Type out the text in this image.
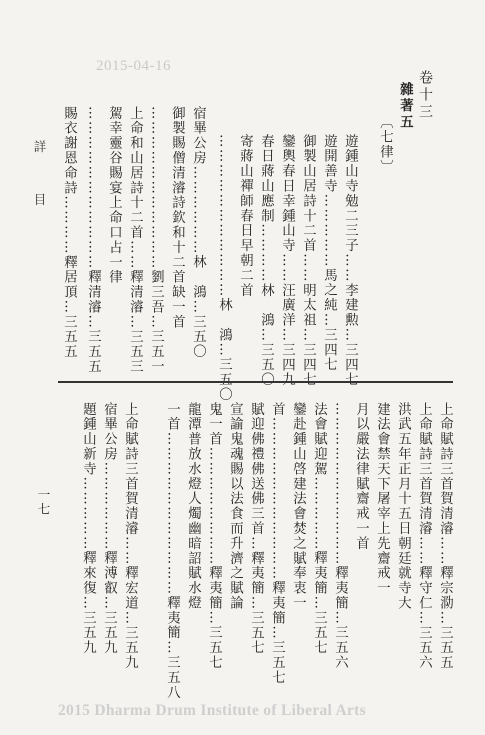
2015-04-16
卷十三
雜著五
〔七律〕
遊鍾山寺勉二三子……李建勲…三四七
遊開善寺……………馬之純…三四七
御製山居詩十二首……明太祖…三四七
鑾輿春日幸鍾山寺……汪廣洋…三四九
春日蔣山應制…………林　鴻…三五〇
寄蔣山禪師春日早朝二首
……………………………林　鴻…三五〇
宿畢公房………………林　鴻…三五〇
御製賜僧清濬詩欽和十二首缺一首
……………………………劉三吾…三五一
上命和山居詩十二首……釋清濬…三五三
駕幸靈谷賜宴上命口占一律
……………………………釋清濬…三五五
賜衣謝恩命詩…………釋居頂…三五五
詳　目
上命賦詩三首賀清濬……釋宗泐…三五五
上命賦詩三首賀清濬……釋守仁…三五六
洪武五年正月十五日朝廷就寺大
建法會禁天下屠宰上先齋戒一
月以嚴法律賦齋戒一首
……………………………釋夷簡…三五六
法會賦迎駕……………釋夷簡…三五七
鑾赴鍾山啓建法會焚之賦奉衷一
首……………………………釋夷簡…三五七
賦迎佛禮佛送佛三首…釋夷簡…三五七
宣諭鬼魂賜以法食而升濟之賦論
鬼一首……………………釋夷簡…三五七
龍潭普放水燈人燭幽暗詔賦水燈
一首……………………………釋夷簡…三五八
上命賦詩三首賀清濬……釋宏道…三五九
宿畢公房………………釋溥叡…三五九
題鍾山新寺……………釋來復…三五九
一七
2015 Dharma Drum Institute of Liberal Arts
